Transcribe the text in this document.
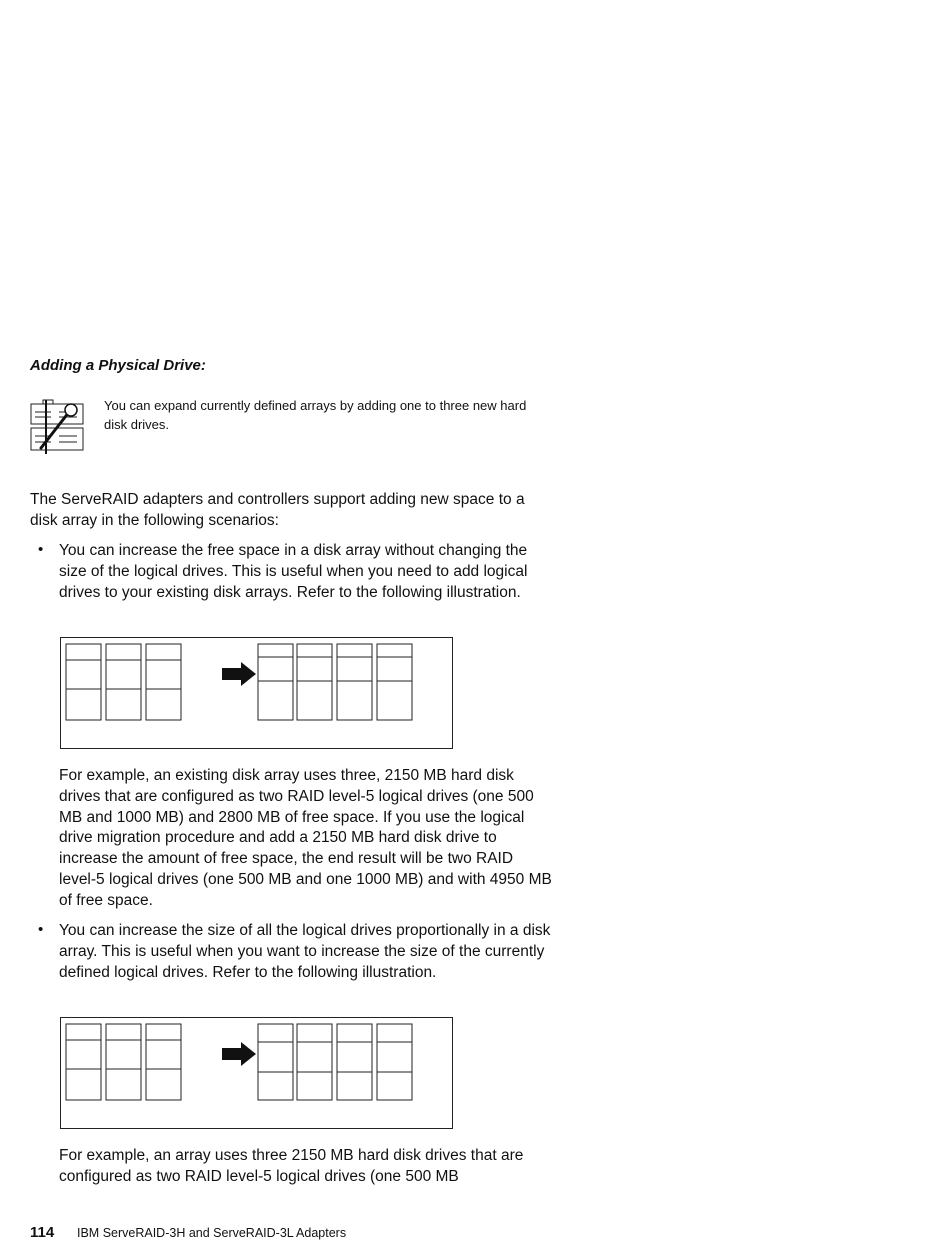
Adding a Physical Drive:
You can expand currently defined arrays by adding one to three new hard disk drives.
The ServeRAID adapters and controllers support adding new space to a disk array in the following scenarios:
• You can increase the free space in a disk array without changing the size of the logical drives. This is useful when you need to add logical drives to your existing disk arrays. Refer to the following illustration.
For example, an existing disk array uses three, 2150 MB hard disk drives that are configured as two RAID level-5 logical drives (one 500 MB and 1000 MB) and 2800 MB of free space. If you use the logical drive migration procedure and add a 2150 MB hard disk drive to increase the amount of free space, the end result will be two RAID level-5 logical drives (one 500 MB and one 1000 MB) and with 4950 MB of free space.
• You can increase the size of all the logical drives proportionally in a disk array. This is useful when you want to increase the size of the currently defined logical drives. Refer to the following illustration.
For example, an array uses three 2150 MB hard disk drives that are configured as two RAID level-5 logical drives (one 500 MB
114 IBM ServeRAID-3H and ServeRAID-3L Adapters
